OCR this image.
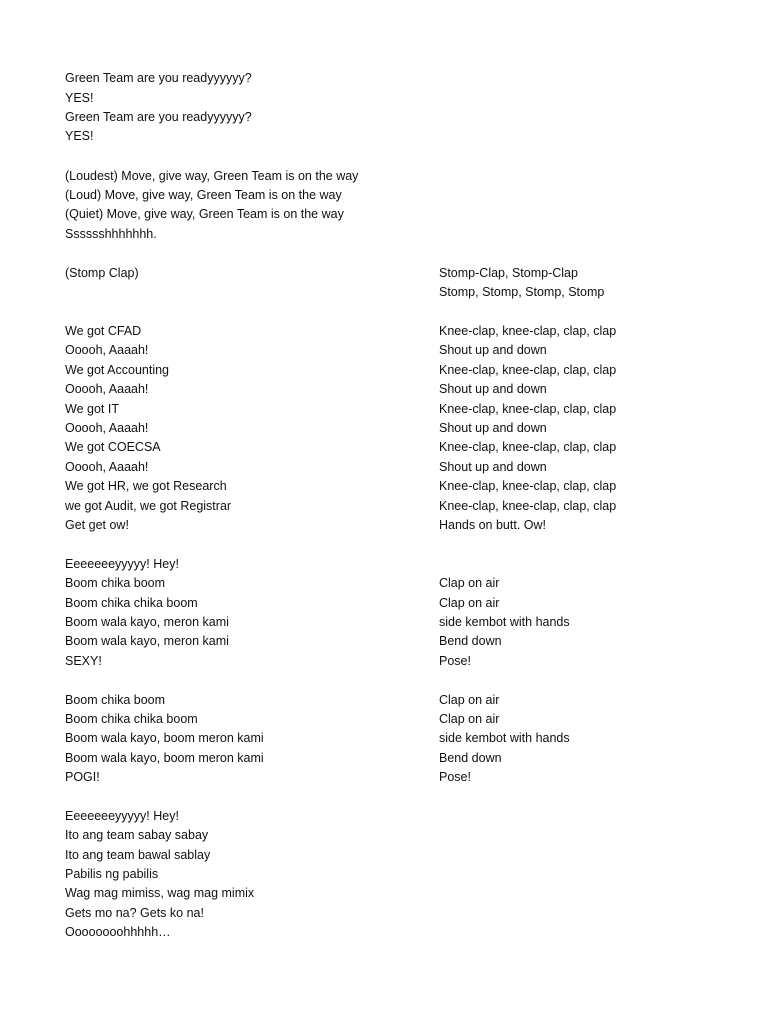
Green Team are you readyyyyyy?
YES!
Green Team are you readyyyyyy?
YES!
(Loudest) Move, give way, Green Team is on the way
(Loud) Move, give way, Green Team is on the way
(Quiet) Move, give way, Green Team is on the way
Sssssshhhhhhh.
(Stomp Clap)	Stomp-Clap, Stomp-Clap
Stomp, Stomp, Stomp, Stomp
We got CFAD
Ooooh, Aaaah!
We got Accounting
Ooooh, Aaaah!
We got IT
Ooooh, Aaaah!
We got COECSA
Ooooh, Aaaah!
We got HR, we got Research
we got Audit, we got Registrar
Get get ow!
Knee-clap, knee-clap, clap, clap
Shout up and down
Knee-clap, knee-clap, clap, clap
Shout up and down
Knee-clap, knee-clap, clap, clap
Shout up and down
Knee-clap, knee-clap, clap, clap
Shout up and down
Knee-clap, knee-clap, clap, clap
Knee-clap, knee-clap, clap, clap
Hands on butt. Ow!
Eeeeeeeyyyyy! Hey!
Boom chika boom
Boom chika chika boom
Boom wala kayo, meron kami
Boom wala kayo, meron kami
SEXY!
Clap on air
Clap on air
side kembot with hands
Bend down
Pose!
Boom chika boom
Boom chika chika boom
Boom wala kayo, boom meron kami
Boom wala kayo, boom meron kami
POGI!
Clap on air
Clap on air
side kembot with hands
Bend down
Pose!
Eeeeeeeyyyyy! Hey!
Ito ang team sabay sabay
Ito ang team bawal sablay
Pabilis ng pabilis
Wag mag mimiss, wag mag mimix
Gets mo na? Gets ko na!
Oooooooohhhhh…
